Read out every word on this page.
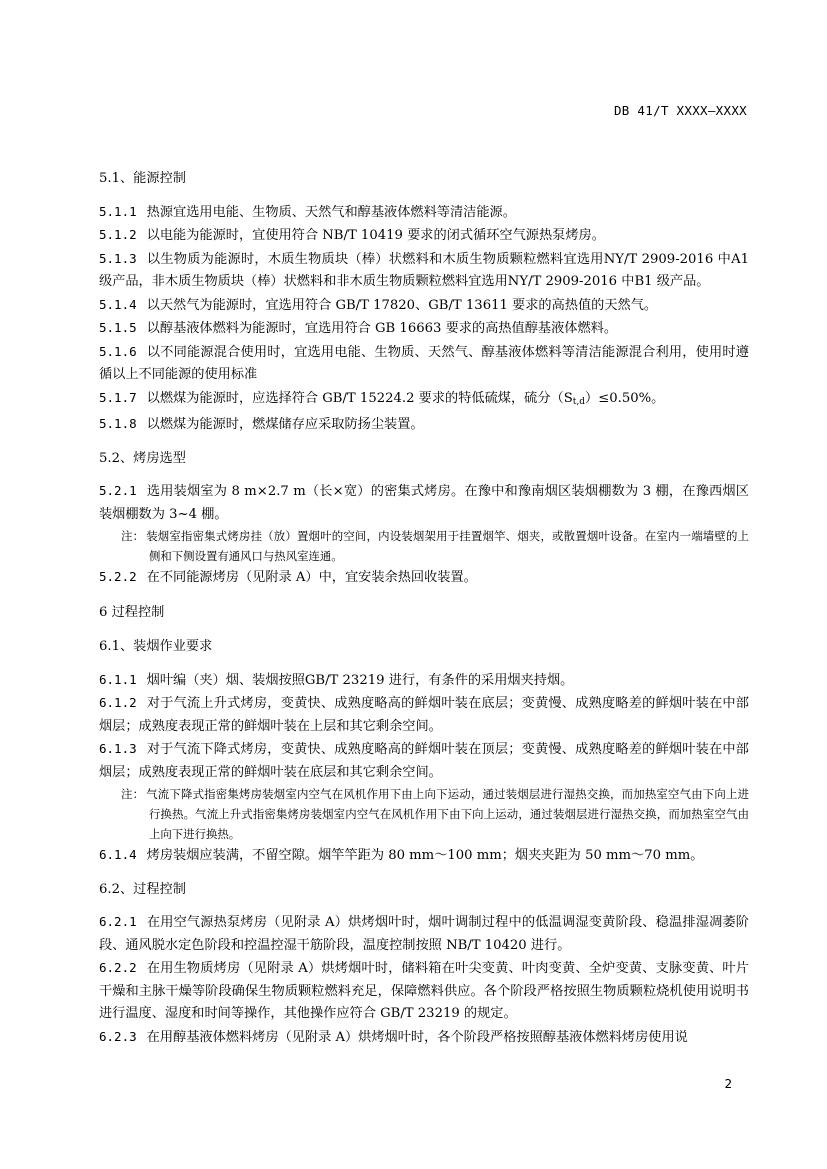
DB 41/T XXXX—XXXX

5.1、能源控制

5.1.1 热源宜选用电能、生物质、天然气和醇基液体燃料等清洁能源。

5.1.2 以电能为能源时，宜使用符合 NB/T 10419 要求的闭式循环空气源热泵烤房。

5.1.3 以生物质为能源时，木质生物质块（棒）状燃料和木质生物质颗粒燃料宜选用NY/T 2909-2016 中A1 级产品，非木质生物质块（棒）状燃料和非木质生物质颗粒燃料宜选用NY/T 2909-2016 中B1 级产品。

5.1.4 以天然气为能源时，宜选用符合 GB/T 17820、GB/T 13611 要求的高热值的天然气。

5.1.5 以醇基液体燃料为能源时，宜选用符合 GB 16663 要求的高热值醇基液体燃料。

5.1.6 以不同能源混合使用时，宜选用电能、生物质、天然气、醇基液体燃料等清洁能源混合利用，使用时遵循以上不同能源的使用标准

5.1.7 以燃煤为能源时，应选择符合 GB/T 15224.2 要求的特低硫煤，硫分$(S_{t,d})\le 0.50\%$。

5.1.8 以燃煤为能源时，燃煤储存应采取防扬尘装置。

5.2、烤房选型

5.2.1 选用装烟室为 8 m×2.7 m（长×宽）的密集式烤房。在豫中和豫南烟区装烟棚数为 3 棚，在豫西烟区装烟棚数为 3~4 棚。

注： 装烟室指密集式烤房挂（放）置烟叶的空间，内设装烟架用于挂置烟竿、烟夹，或散置烟叶设备。在室内一端墙壁的上侧和下侧设置有通风口与热风室连通。

5.2.2 在不同能源烤房（见附录 A）中，宜安装余热回收装置。

6 过程控制

6.1、装烟作业要求

6.1.1 烟叶编（夹）烟、装烟按照GB/T 23219 进行，有条件的采用烟夹持烟。

6.1.2 对于气流上升式烤房，变黄快、成熟度略高的鲜烟叶装在底层；变黄慢、成熟度略差的鲜烟叶装在中部烟层；成熟度表现正常的鲜烟叶装在上层和其它剩余空间。

6.1.3 对于气流下降式烤房，变黄快、成熟度略高的鲜烟叶装在顶层；变黄慢、成熟度略差的鲜烟叶装在中部烟层；成熟度表现正常的鲜烟叶装在底层和其它剩余空间。

注： 气流下降式指密集烤房装烟室内空气在风机作用下由上向下运动，通过装烟层进行湿热交换，而加热室空气由下向上进行换热。气流上升式指密集烤房装烟室内空气在风机作用下由下向上运动，通过装烟层进行湿热交换，而加热室空气由上向下进行换热。

6.1.4 烤房装烟应装满，不留空隙。烟竿竿距为 80 mm～100 mm；烟夹夹距为 50 mm～70 mm。

6.2、过程控制

6.2.1 在用空气源热泵烤房（见附录 A）烘烤烟叶时，烟叶调制过程中的低温调湿变黄阶段、稳温排湿凋萎阶段、通风脱水定色阶段和控温控湿干筋阶段，温度控制按照 NB/T 10420 进行。

6.2.2 在用生物质烤房（见附录 A）烘烤烟叶时，储料箱在叶尖变黄、叶肉变黄、全炉变黄、支脉变黄、叶片干燥和主脉干燥等阶段确保生物质颗粒燃料充足，保障燃料供应。各个阶段严格按照生物质颗粒烧机使用说明书进行温度、湿度和时间等操作，其他操作应符合 GB/T 23219 的规定。

6.2.3 在用醇基液体燃料烤房（见附录 A）烘烤烟叶时，各个阶段严格按照醇基液体燃料烤房使用说

2
